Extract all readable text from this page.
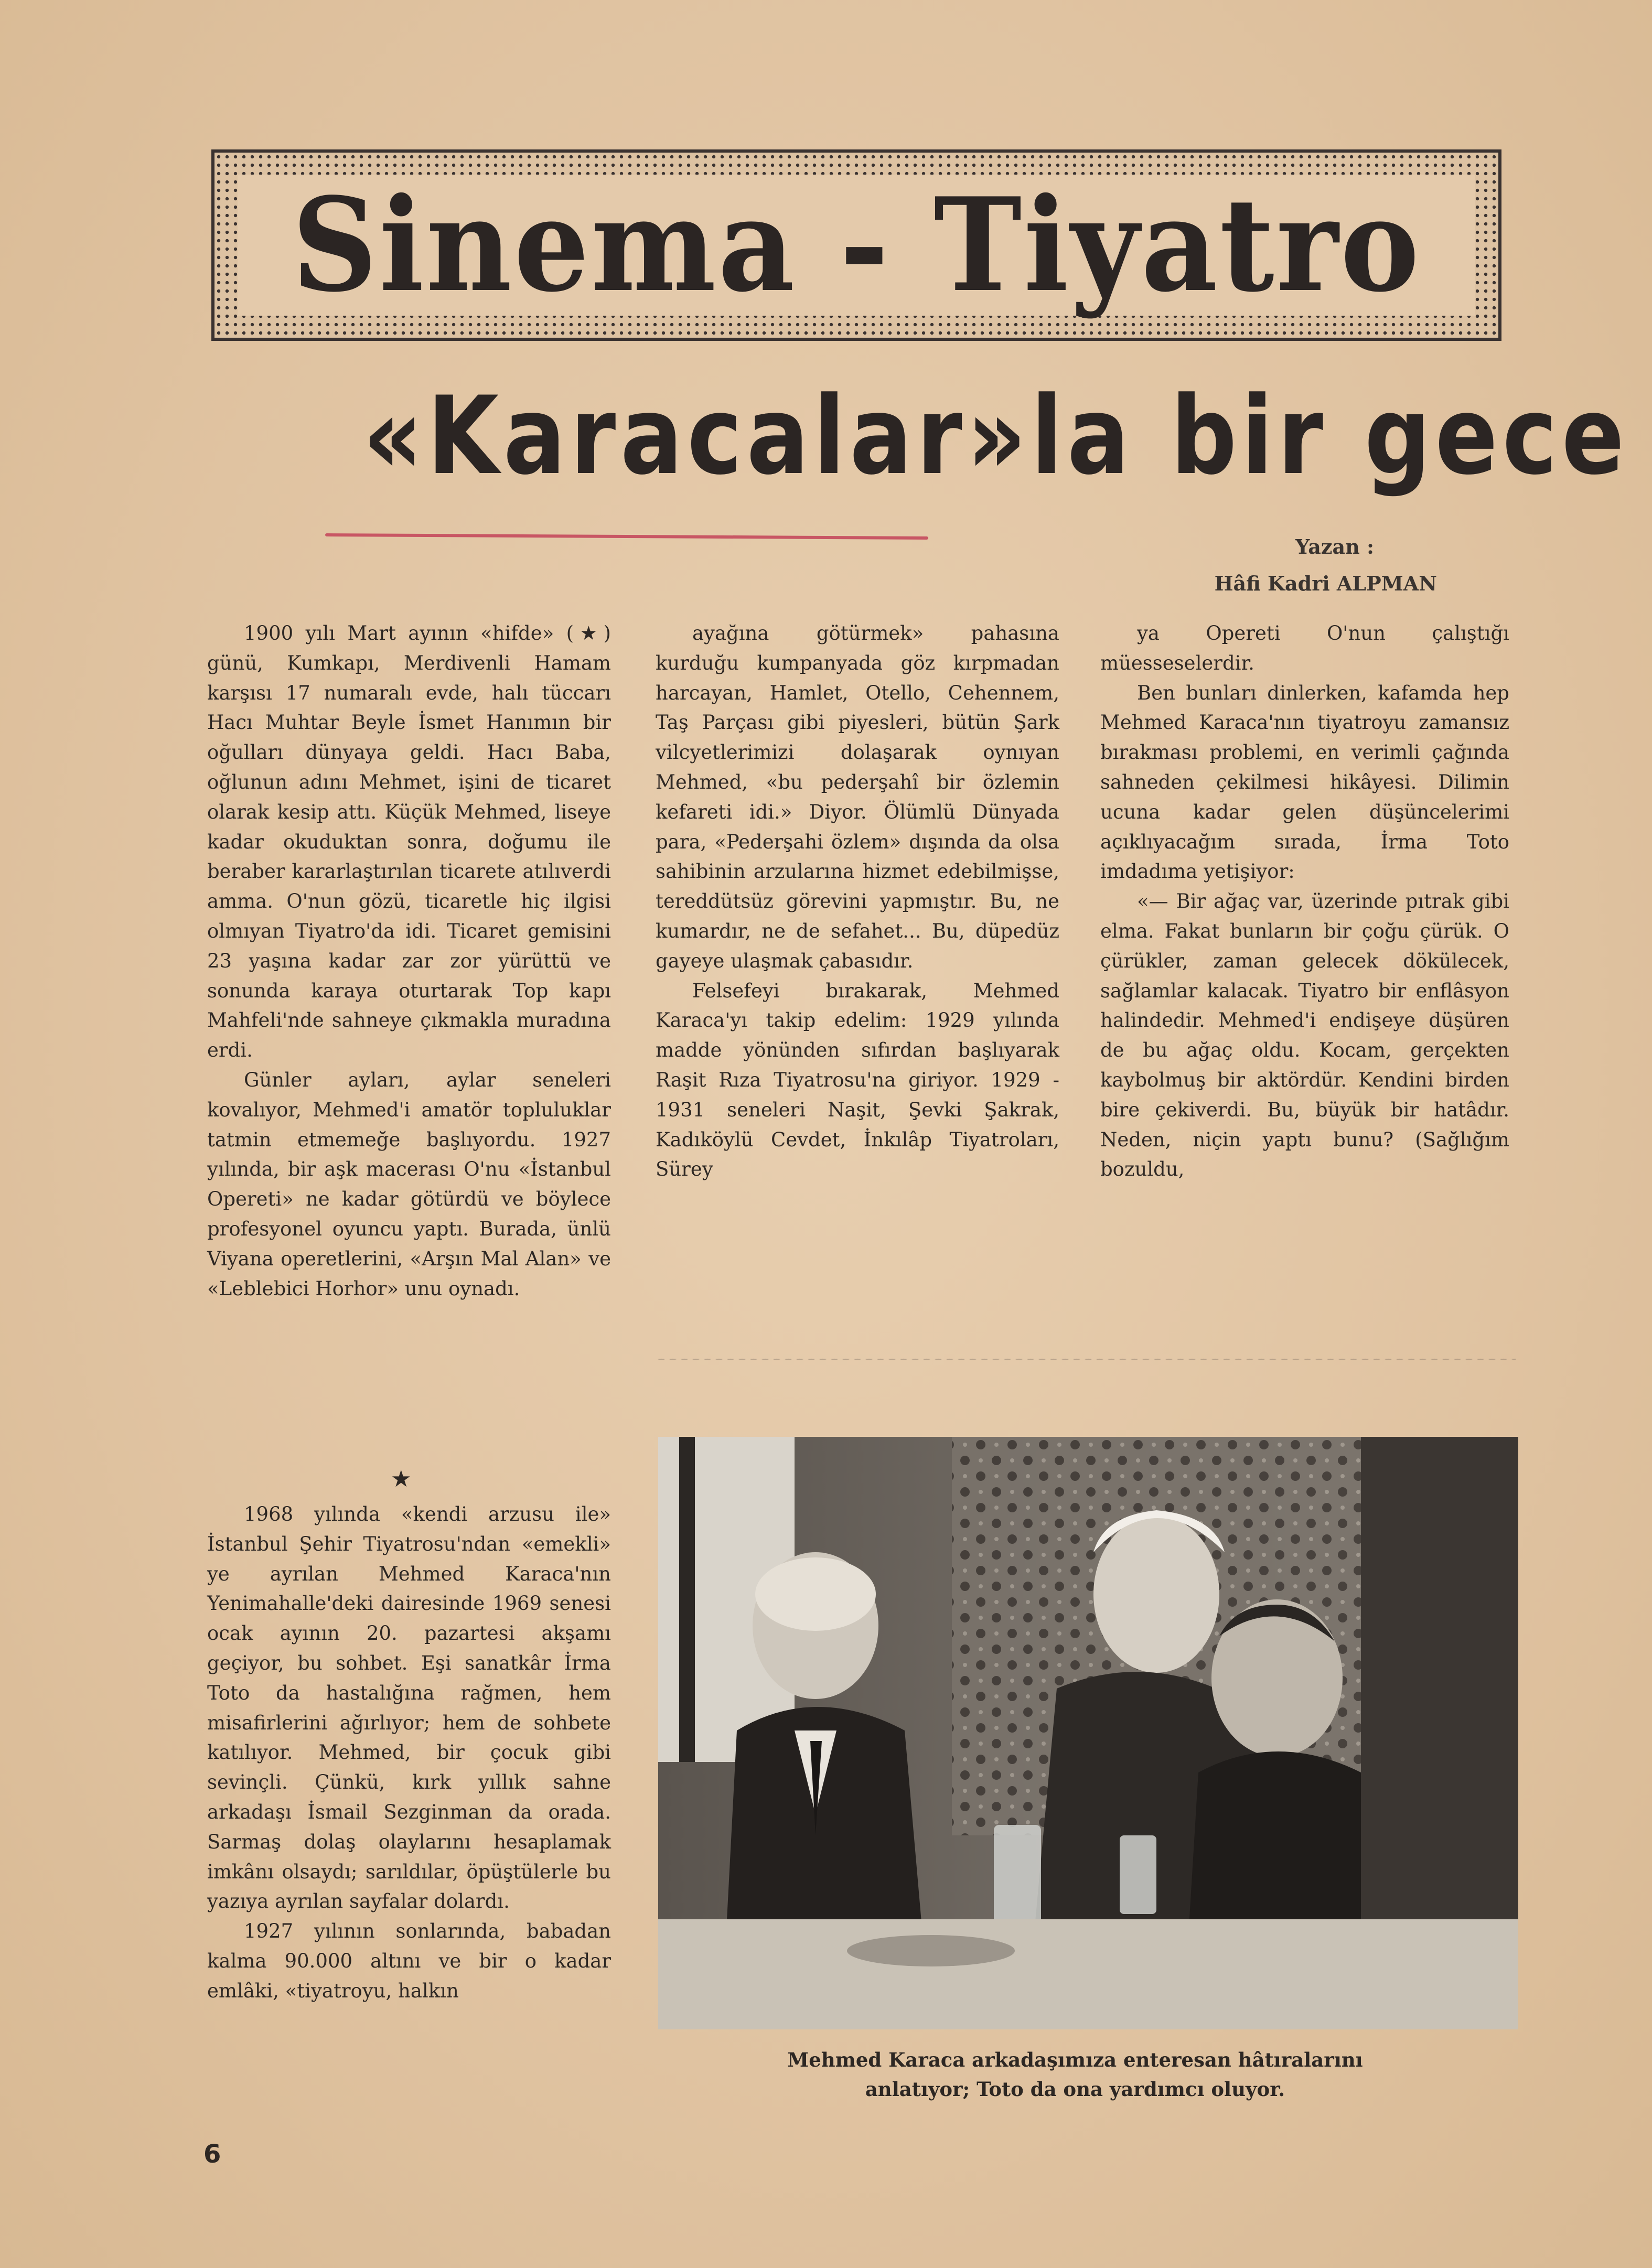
Sinema - Tiyatro
«Karacalar»la bir gece
Yazan :
Hâfi Kadri ALPMAN

1900 yılı Mart ayının «hifde» (★) günü, Kumkapı, Merdivenli Hamam karşısı 17 numaralı evde, halı tüccarı Hacı Muhtar Beyle İsmet Hanımın bir oğulları dünyaya geldi. Hacı Baba, oğlunun adını Mehmet, işini de ticaret olarak kesip attı. Küçük Mehmed, liseye kadar okuduktan sonra, doğumu ile beraber kararlaştırılan ticarete atılıverdi amma. O'nun gözü, ticaretle hiç ilgisi olmıyan Tiyatro'da idi. Ticaret gemisini 23 yaşına kadar zar zor yürüttü ve sonunda karaya oturtarak Top kapı Mahfeli'nde sahneye çıkmakla muradına erdi.

Günler ayları, aylar seneleri kovalıyor, Mehmed'i amatör topluluklar tatmin etmemeğe başlıyordu. 1927 yılında, bir aşk macerası O'nu «İstanbul Opereti» ne kadar götürdü ve böylece profesyonel oyuncu yaptı. Burada, ünlü Viyana operetlerini, «Arşın Mal Alan» ve «Leblebici Horhor» unu oynadı.

★

1968 yılında «kendi arzusu ile» İstanbul Şehir Tiyatrosu'ndan «emekli» ye ayrılan Mehmed Karaca'nın Yenimahalle'deki dairesinde 1969 senesi ocak ayının 20. pazartesi akşamı geçiyor, bu sohbet. Eşi sanatkâr İrma Toto da hastalığına rağmen, hem misafirlerini ağırlıyor; hem de sohbete katılıyor. Mehmed, bir çocuk gibi sevinçli. Çünkü, kırk yıllık sahne arkadaşı İsmail Sezginman da orada. Sarmaş dolaş olaylarını hesaplamak imkânı olsaydı; sarıldılar, öpüştülerle bu yazıya ayrılan sayfalar dolardı.

1927 yılının sonlarında, babadan kalma 90.000 altını ve bir o kadar emlâki, «tiyatroyu, halkın

ayağına götürmek» pahasına kurduğu kumpanyada göz kırpmadan harcayan, Hamlet, Otello, Cehennem, Taş Parçası gibi piyesleri, bütün Şark vilcyetlerimizi dolaşarak oynıyan Mehmed, «bu pederşahî bir özlemin kefareti idi.» Diyor. Ölümlü Dünyada para, «Pederşahi özlem» dışında da olsa sahibinin arzularına hizmet edebilmişse, tereddütsüz görevini yapmıştır. Bu, ne kumardır, ne de sefahet... Bu, düpedüz gayeye ulaşmak çabasıdır.

Felsefeyi bırakarak, Mehmed Karaca'yı takip edelim: 1929 yılında madde yönünden sıfırdan başlıyarak Raşit Rıza Tiyatrosu'na giriyor. 1929 - 1931 seneleri Naşit, Şevki Şakrak, Kadıköylü Cevdet, İnkılâp Tiyatroları, Sürey

ya Opereti O'nun çalıştığı müesseselerdir.

Ben bunları dinlerken, kafamda hep Mehmed Karaca'nın tiyatroyu zamansız bırakması problemi, en verimli çağında sahneden çekilmesi hikâyesi. Dilimin ucuna kadar gelen düşüncelerimi açıklıyacağım sırada, İrma Toto imdadıma yetişiyor:

«— Bir ağaç var, üzerinde pıtrak gibi elma. Fakat bunların bir çoğu çürük. O çürükler, zaman gelecek dökülecek, sağlamlar kalacak. Tiyatro bir enflâsyon halindedir. Mehmed'i endişeye düşüren de bu ağaç oldu. Kocam, gerçekten kaybolmuş bir aktördür. Kendini birden bire çekiverdi. Bu, büyük bir hatâdır. Neden, niçin yaptı bunu? (Sağlığım bozuldu,

Mehmed Karaca arkadaşımıza enteresan hâtıralarını anlatıyor; Toto da ona yardımcı oluyor.
6
